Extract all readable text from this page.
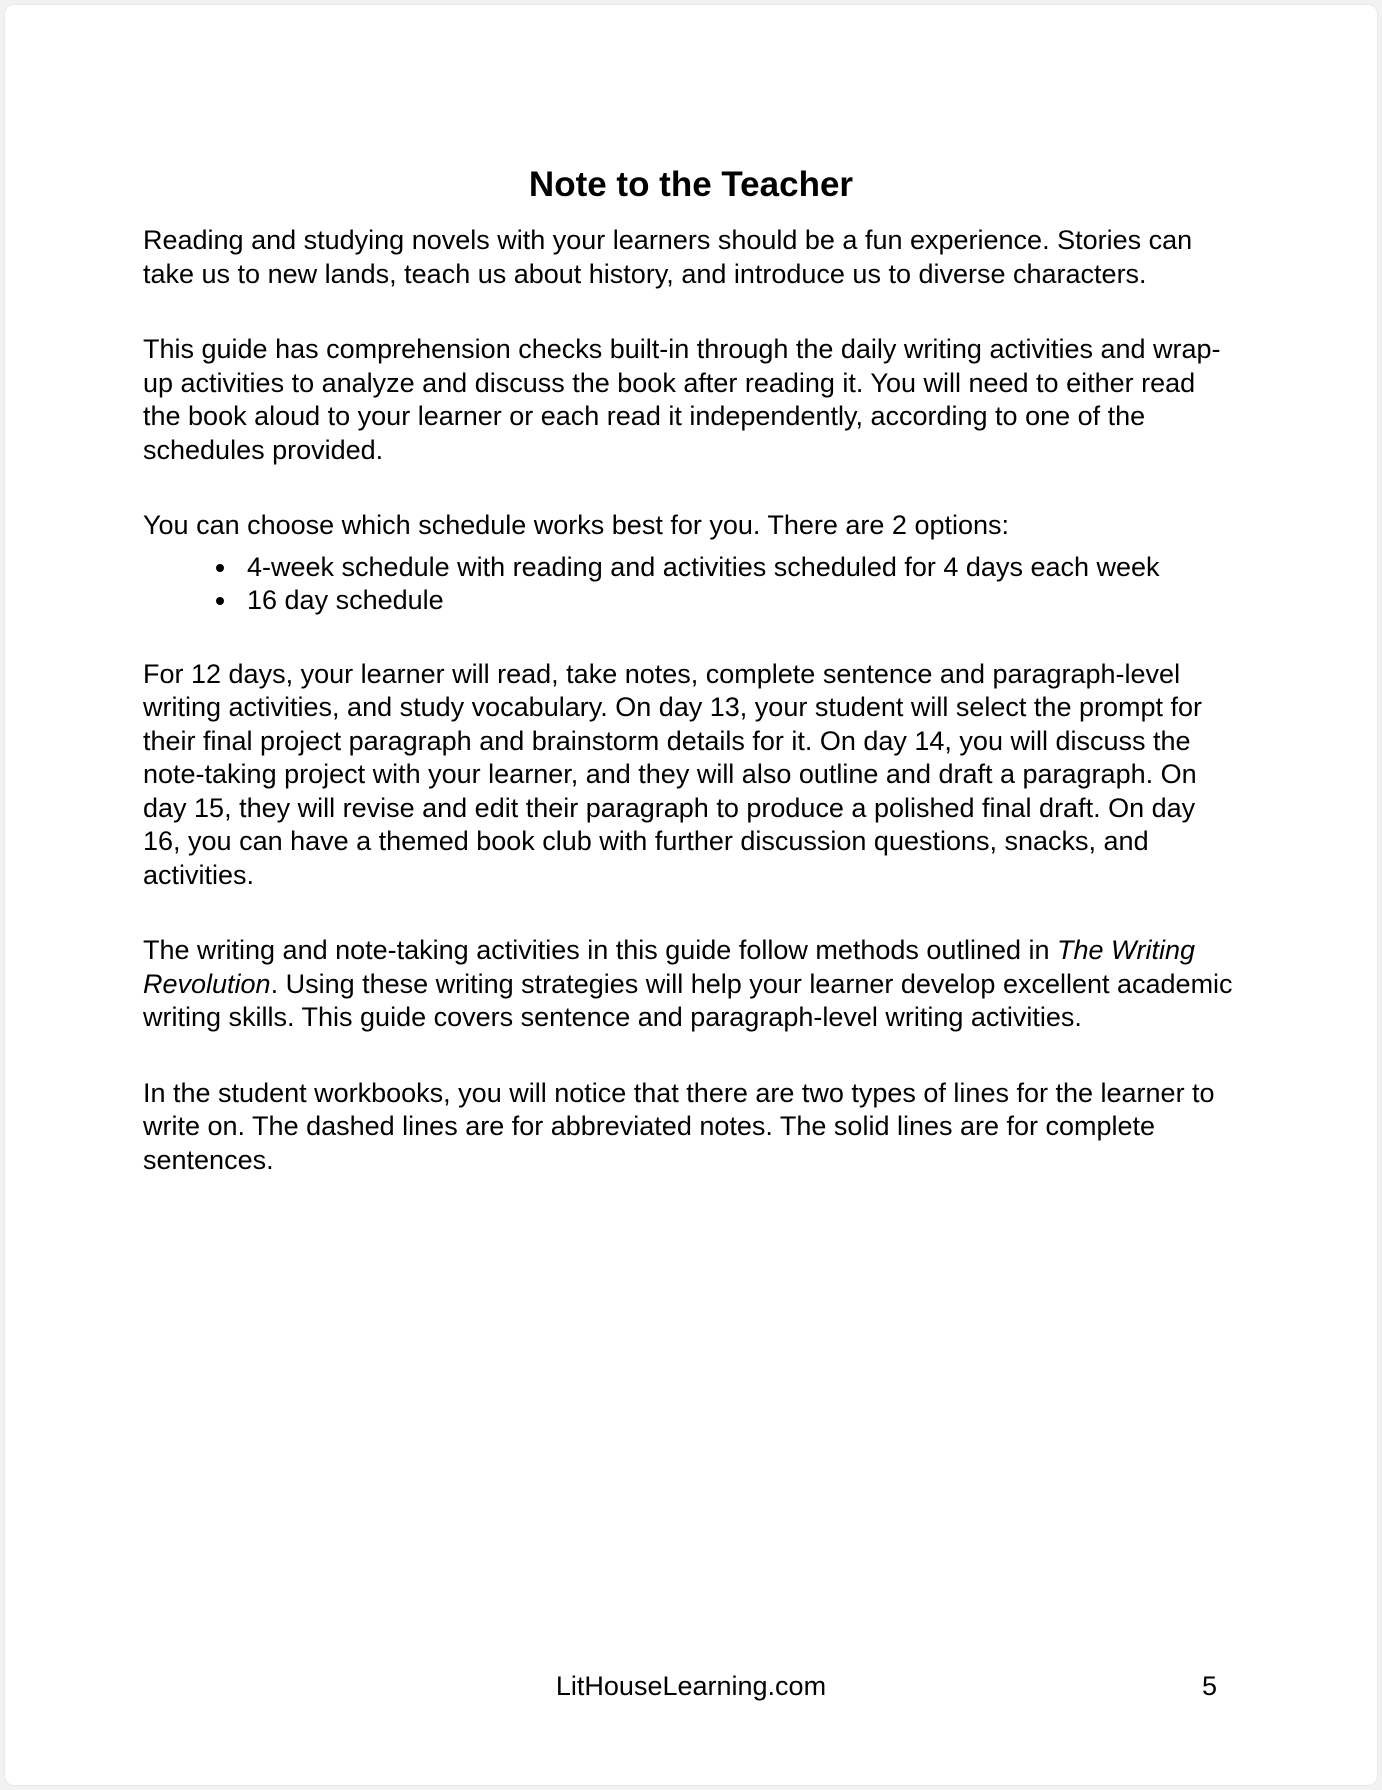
Note to the Teacher

Reading and studying novels with your learners should be a fun experience. Stories can take us to new lands, teach us about history, and introduce us to diverse characters.

This guide has comprehension checks built-in through the daily writing activities and wrap-up activities to analyze and discuss the book after reading it. You will need to either read the book aloud to your learner or each read it independently, according to one of the schedules provided.

You can choose which schedule works best for you. There are 2 options:

• 4-week schedule with reading and activities scheduled for 4 days each week
• 16 day schedule

For 12 days, your learner will read, take notes, complete sentence and paragraph-level writing activities, and study vocabulary. On day 13, your student will select the prompt for their final project paragraph and brainstorm details for it. On day 14, you will discuss the note-taking project with your learner, and they will also outline and draft a paragraph. On day 15, they will revise and edit their paragraph to produce a polished final draft. On day 16, you can have a themed book club with further discussion questions, snacks, and activities.

The writing and note-taking activities in this guide follow methods outlined in The Writing Revolution. Using these writing strategies will help your learner develop excellent academic writing skills. This guide covers sentence and paragraph-level writing activities.

In the student workbooks, you will notice that there are two types of lines for the learner to write on. The dashed lines are for abbreviated notes. The solid lines are for complete sentences.

LitHouseLearning.com	5
